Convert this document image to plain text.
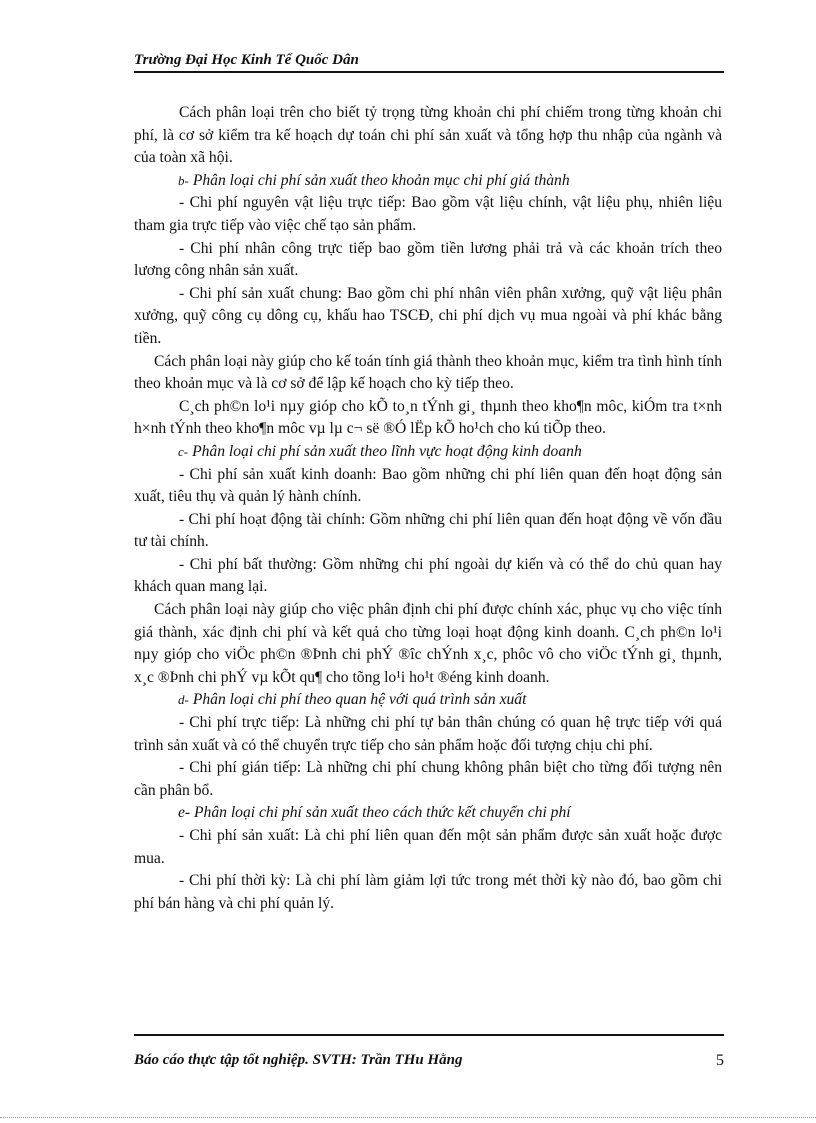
Trường Đại Học Kinh Tế Quốc Dân

Cách phân loại trên cho biết tỷ trọng từng khoản chi phí chiếm trong từng khoản chi phí, là cơ sở kiểm tra kế hoạch dự toán chi phí sản xuất và tổng hợp thu nhập của ngành và của toàn xã hội.

b- Phân loại chi phí sản xuất theo khoản mục chi phí giá thành

- Chi phí nguyên vật liệu trực tiếp: Bao gồm vật liệu chính, vật liệu phụ, nhiên liệu tham gia trực tiếp vào việc chế tạo sản phẩm.

- Chi phí nhân công trực tiếp bao gồm tiền lương phải trả và các khoản trích theo lương công nhân sản xuất.

- Chi phí sản xuất chung: Bao gồm chi phí nhân viên phân xưởng, quỹ vật liệu phân xưởng, quỹ công cụ dông cụ, khấu hao TSCĐ, chi phí dịch vụ mua ngoài và phí khác bằng tiền.

Cách phân loại này giúp cho kế toán tính giá thành theo khoản mục, kiểm tra tình hình tính theo khoản mục và là cơ sở để lập kế hoạch cho kỳ tiếp theo.

C¸ch ph©n lo¹i nµy gióp cho kÕ to¸n tÝnh gi¸ thµnh theo kho¶n môc, kiÓm tra t×nh h×nh tÝnh theo kho¶n môc vµ lµ c¬ së ®Ó lËp kÕ ho¹ch cho kú tiÕp theo.

c- Phân loại chi phí sản xuất theo lĩnh vực hoạt động kinh doanh

- Chi phí sản xuất kinh doanh: Bao gồm những chi phí liên quan đến hoạt động sản xuất, tiêu thụ và quản lý hành chính.

- Chi phí hoạt động tài chính: Gồm những chi phí liên quan đến hoạt động về vốn đầu tư tài chính.

- Chi phí bất thường: Gồm những chi phí ngoài dự kiến và có thể do chủ quan hay khách quan mang lại.

Cách phân loại này giúp cho việc phân định chi phí được chính xác, phục vụ cho việc tính giá thành, xác định chi phí và kết quả cho từng loại hoạt động kinh doanh. C¸ch ph©n lo¹i nµy gióp cho viÖc ph©n ®Þnh chi phÝ ®îc chÝnh x¸c, phôc vô cho viÖc tÝnh gi¸ thµnh, x¸c ®Þnh chi phÝ vµ kÕt qu¶ cho tõng lo¹i ho¹t ®éng kinh doanh.

d- Phân loại chi phí theo quan hệ với quá trình sản xuất

- Chi phí trực tiếp: Là những chi phí tự bản thân chúng có quan hệ trực tiếp với quá trình sản xuất và có thể chuyển trực tiếp cho sản phẩm hoặc đối tượng chịu chi phí.

- Chi phí gián tiếp: Là những chi phí chung không phân biệt cho từng đối tượng nên cần phân bổ.

e- Phân loại chi phí sản xuất theo cách thức kết chuyển chi phí

- Chi phí sản xuất: Là chi phí liên quan đến một sản phẩm được sản xuất hoặc được mua.

- Chi phí thời kỳ: Là chi phí làm giảm lợi tức trong mét thời kỳ nào đó, bao gồm chi phí bán hàng và chi phí quản lý.

Báo cáo thực tập tốt nghiệp. SVTH: Trần THu Hằng	5
